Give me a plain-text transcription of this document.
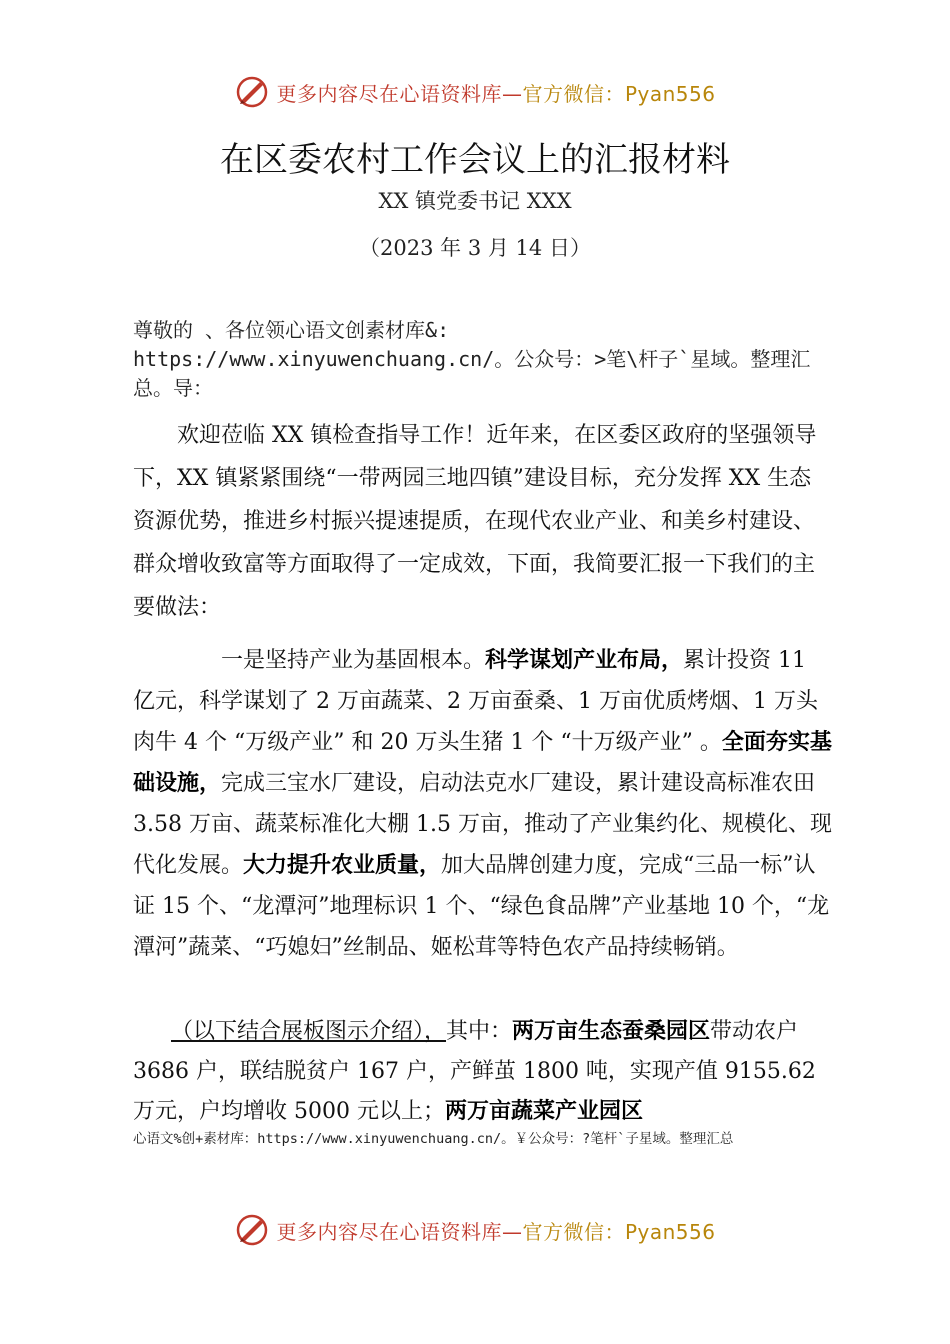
更多内容尽在心语资料库— 官方微信：Pyan556
在区委农村工作会议上的汇报材料
XX 镇党委书记 XXX
（2023 年 3 月 14 日）
尊敬的 、各位领心语文创素材库&: https://www.xinyuwenchuang.cn/。公众号：>笔\杆子`星域。整理汇总。导：
欢迎莅临 XX 镇检查指导工作！近年来，在区委区政府的坚强领导下，XX 镇紧紧围绕“一带两园三地四镇”建设目标，充分发挥 XX 生态资源优势，推进乡村振兴提速提质，在现代农业产业、和美乡村建设、群众增收致富等方面取得了一定成效，下面，我简要汇报一下我们的主要做法：
一是坚持产业为基固根本。科学谋划产业布局，累计投资 11 亿元，科学谋划了 2 万亩蔬菜、2 万亩蚕桑、1 万亩优质烤烟、1 万头肉牛 4 个 “万级产业” 和 20 万头生猪 1 个 “十万级产业” 。全面夯实基础设施，完成三宝水厂建设，启动法克水厂建设，累计建设高标准农田 3.58 万亩、蔬菜标准化大棚 1.5 万亩，推动了产业集约化、规模化、现代化发展。大力提升农业质量，加大品牌创建力度，完成“三品一标”认证 15 个、“龙潭河”地理标识 1 个、“绿色食品牌”产业基地 10 个，“龙潭河”蔬菜、“巧媳妇”丝制品、姬松茸等特色农产品持续畅销。
（以下结合展板图示介绍），其中：两万亩生态蚕桑园区带动农户 3686 户，联结脱贫户 167 户，产鲜茧 1800 吨，实现产值 9155.62 万元，户均增收 5000 元以上；两万亩蔬菜产业园区
心语文%创+素材库：https://www.xinyuwenchuang.cn/。￥公众号：?笔杆`子星域。整理汇总
更多内容尽在心语资料库— 官方微信：Pyan556
